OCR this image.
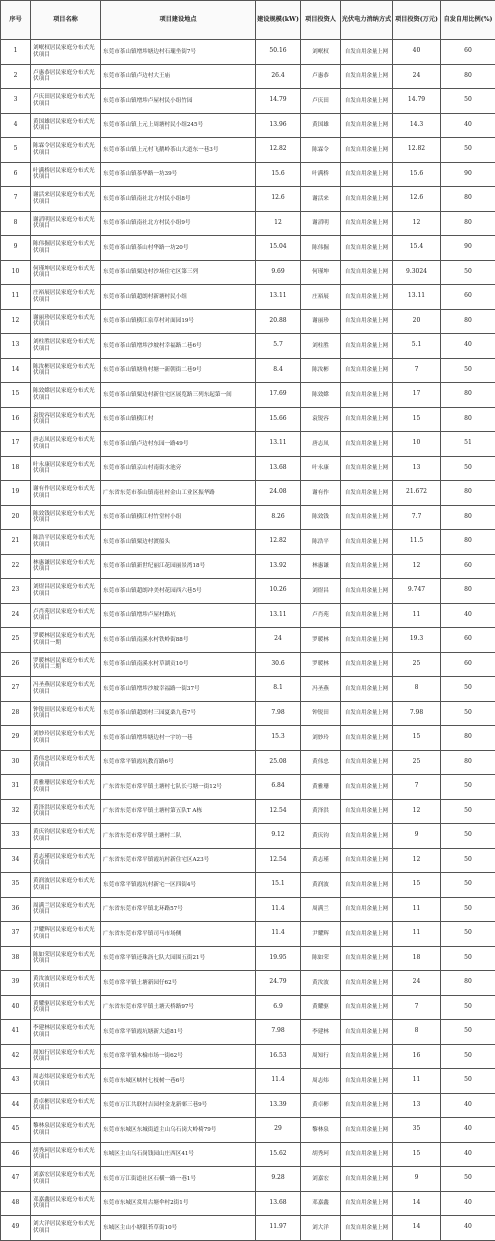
序号	项目名称	项目建设地点	建设规模(kW)	项目投资人	光伏电力消纳方式	项目投资(万元)	自发自用比例(%)
1	刘岷权居民家庭分布式光伏项目	东莞市茶山镇增埗塘边村石瓏坐街7号	50.16	刘岷权	自发自用余量上网	40	60
2	卢惠恭居民家庭分布式光伏项目	东莞市茶山镇卢边村大王庙	26.4	卢惠恭	自发自用余量上网	24	80
3	卢庆田居民家庭分布式光伏项目	东莞市茶山镇增埗卢屋村民小组竹园	14.79	卢庆田	自发自用余量上网	14.79	50
4	黄国雄居民家庭分布式光伏项目	东莞市茶山镇上元上周塘村民小组245号	13.96	黄国雄	自发自用余量上网	14.3	40
5	陈霖令居民家庭分布式光伏项目	东莞市茶山镇上元村飞鹅岭茶山大道东一巷3号	12.82	陈霖令	自发自用余量上网	12.82	50
6	叶满桥居民家庭分布式光伏项目	东莞市茶山镇茶华路一坊39号	15.6	叶满桥	自发自用余量上网	15.6	90
7	谢活来居民家庭分布式光伏项目	东莞市茶山镇南社北方村民小组8号	12.6	谢活来	自发自用余量上网	12.6	80
8	谢滔明居民家庭分布式光伏项目	东莞市茶山镇南社北方村民小组9号	12	谢滔明	自发自用余量上网	12	80
9	陈伟掘居民家庭分布式光伏项目	东莞市茶山镇茶山村华路一坊20号	15.04	陈伟掘	自发自用余量上网	15.4	90
10	何瑾坤居民家庭分布式光伏项目	东莞市茶山镇粟边村沙场住宅区第三列	9.69	何瑾坤	自发自用余量上网	9.3024	50
11	庄裕展居民家庭分布式光伏项目	东莞市茶山镇超朗村新塘村民小组	13.11	庄裕展	自发自用余量上网	13.11	60
12	谢丽珍居民家庭分布式光伏项目	东莞市茶山镇横江泉草村对面园19号	20.88	谢丽珍	自发自用余量上网	20	80
13	刘柱胜居民家庭分布式光伏项目	东莞市茶山镇增埗沙坡村幸福路二巷6号	5.7	刘柱胜	自发自用余量上网	5.1	40
14	陈汝彬居民家庭分布式光伏项目	东莞市茶山镇塘角村塘一新朝街二巷9号	8.4	陈汝彬	自发自用余量上网	7	50
15	陈效嫦居民家庭分布式光伏项目	东莞市茶山镇粟边村新住宅区展览路三列东起第一间	17.69	陈效嫦	自发自用余量上网	17	80
16	袁锐容居民家庭分布式光伏项目	东莞市茶山镇横江村	15.66	袁锐容	自发自用余量上网	15	80
17	唐志凤居民家庭分布式光伏项目	东莞市茶山镇卢边村东园一路49号	13.11	唐志凤	自发自用余量上网	10	51
18	叶永康居民家庭分布式光伏项目	东莞市茶山镇京山村南街水池旁	13.68	叶永康	自发自用余量上网	13	50
19	谢有作居民家庭分布式光伏项目	广东省东莞市茶山镇南社村金山工业区振华路	24.08	谢有作	自发自用余量上网	21.672	80
20	陈效钱居民家庭分布式光伏项目	东莞市茶山镇横江村竹堂村小组	8.26	陈效钱	自发自用余量上网	7.7	80
21	陈浩平居民家庭分布式光伏项目	东莞市茶山镇粟边村渡船头	12.82	陈浩平	自发自用余量上网	11.5	80
22	林惠谦居民家庭分布式光伏项目	东莞市茶山镇新世纪丽江花园丽景湾18号	13.92	林惠谦	自发自用余量上网	12	60
23	刘煜昌居民家庭分布式光伏项目	东莞市茶山镇超朗冲美村花园西六巷5号	10.26	刘煜昌	自发自用余量上网	9.747	80
24	卢肖苑居民家庭分布式光伏项目	东莞市茶山镇增埗卢屋村路坑	13.11	卢肖苑	自发自用余量上网	11	40
25	罗暖林居民家庭分布式光伏项目一期	东莞市茶山镇南溪水村铁岭街88号	24	罗暖林	自发自用余量上网	19.3	60
26	罗暖林居民家庭分布式光伏项目二期	东莞市茶山镇南溪水村草湖贡10号	30.6	罗暖林	自发自用余量上网	25	60
27	冯圣燕居民家庭分布式光伏项目	东莞市茶山镇增埗沙坡幸福路一街37号	8.1	冯圣燕	自发自用余量上网	8	50
28	钟锐田居民家庭分布式光伏项目	东莞市茶山镇超朗村三园夏桑九巷7号	7.98	钟锐田	自发自用余量上网	7.98	50
29	刘妙玲居民家庭分布式光伏项目	东莞市茶山镇增埗塘边村一宇坊一巷	15.3	刘妙玲	自发自用余量上网	15	80
30	黄伟忠居民家庭分布式光伏项目	东莞市常平镇霞坑教育路6号	25.08	黄伟忠	自发自用余量上网	25	80
31	黄雅珊居民家庭分布式光伏项目	广东省东莞市常平镇土塘村七队长弓塘一街12号	6.84	黄雅珊	自发自用余量上网	7	50
32	黄泽洪居民家庭分布式光伏项目	广东省东莞市常平镇土塘村第五队T A栋	12.54	黄泽洪	自发自用余量上网	12	50
33	黄庆钧居民家庭分布式光伏项目	广东省东莞市常平镇土塘村二队	9.12	黄庆钧	自发自用余量上网	9	50
34	黄志瑾居民家庭分布式光伏项目	广东省东莞市常平镇霞坑村新住宅区A23号	12.54	黄志瑾	自发自用余量上网	12	50
35	黄润波居民家庭分布式光伏项目	东莞市常平镇霞坑村新宅一区四街4号	15.1	黄润波	自发自用余量上网	15	50
36	周满兰居民家庭分布式光伏项目	广东省东莞市常平镇北环路57号	11.4	周满兰	自发自用余量上网	11	50
37	尹耀辉居民家庭分布式光伏项目	广东省东莞市常平镇司马市场侧	11.4	尹耀辉	自发自用余量上网	11	50
38	陈如荣居民家庭分布式光伏项目	东莞市常平镇还珠沥七队大园围五街21号	19.95	陈如荣	自发自用余量上网	18	50
39	黄汝波居民家庭分布式光伏项目	东莞市常平镇土塘新园仔62号	24.79	黄汝波	自发自用余量上网	24	80
40	黄耀驱居民家庭分布式光伏项目	广东省东莞市常平镇土塘天桥路97号	6.9	黄耀驱	自发自用余量上网	7	50
41	李建林居民家庭分布式光伏项目	东莞市常平镇霞坑塘新大道81号	7.98	李建林	自发自用余量上网	8	50
42	周知行居民家庭分布式光伏项目	东莞市常平镇木棆市场一街62号	16.53	周知行	自发自用余量上网	16	50
43	周志炜居民家庭分布式光伏项目	东莞市东城区峡村七枝树一巷6号	11.4	周志炜	自发自用余量上网	11	50
44	黄卓彬居民家庭分布式光伏项目	东莞市万江共联村吉园村金龙新邨三巷9号	13.39	黄卓彬	自发自用余量上网	13	40
45	黎林泉居民家庭分布式光伏项目	东莞市东城区东城街道主山乌石岗大岭椅79号	29	黎林泉	自发自用余量上网	35	40
46	胡秀珂居民家庭分布式光伏项目	东城区主山乌石岗钱园山庄西区41号	15.62	胡秀珂	自发自用余量上网	15	40
47	刘嘉宏居民家庭分布式光伏项目	东莞市万江街道社区石横一路一巷1号	9.28	刘嘉宏	自发自用余量上网	9	50
48	邓嘉鑫居民家庭分布式光伏项目	东莞市东城区赏用古塘伞村2街1号	13.68	邓嘉鑫	自发自用余量上网	14	40
49	刘大洋居民家庭分布式光伏项目	东城区主山小塘银苔草街10号	11.97	刘大洋	自发自用余量上网	14	40
